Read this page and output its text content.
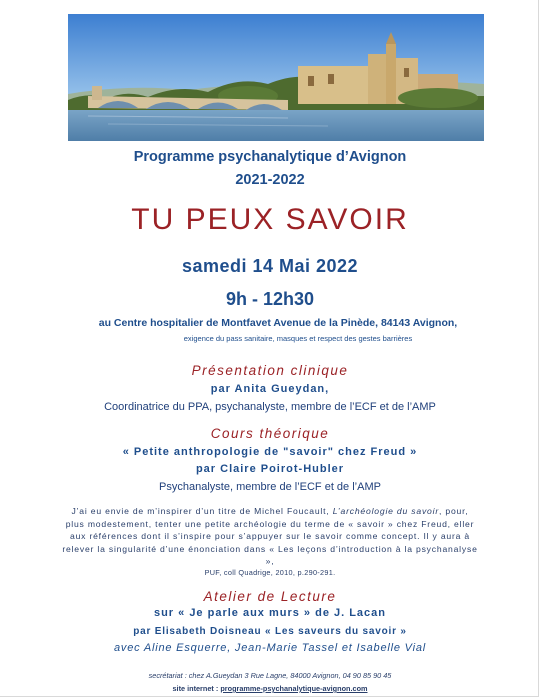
Programme psychanalytique d’Avignon
2021-2022
TU PEUX SAVOIR
samedi 14 Mai 2022
9h - 12h30
au Centre hospitalier de Montfavet Avenue de la Pinède, 84143 Avignon,
exigence du pass sanitaire, masques et respect des gestes barrières
Présentation clinique
par Anita Gueydan,
Coordinatrice du PPA, psychanalyste, membre de l’ECF et de l’AMP
Cours théorique
« Petite anthropologie de "savoir" chez Freud »
par Claire Poirot-Hubler
Psychanalyste, membre de l’ECF et de l’AMP
J’ai eu envie de m’inspirer d’un titre de Michel Foucault, L’archéologie du savoir, pour, plus modestement, tenter une petite archéologie du terme de « savoir » chez Freud, eller aux références dont il s’inspire pour s’appuyer sur le savoir comme concept. Il y aura à relever la singularité d’une énonciation dans « Les leçons d’introduction à la psychanalyse »,
PUF, coll Quadrige, 2010, p.290-291.
Atelier de Lecture
sur « Je parle aux murs » de J. Lacan
par Elisabeth Doisneau « Les saveurs du savoir »
avec Aline Esquerre, Jean-Marie Tassel et Isabelle Vial
secrétariat : chez A.Gueydan 3 Rue Lagne, 84000 Avignon, 04 90 85 90 45
site internet : programme-psychanalytique-avignon.com
